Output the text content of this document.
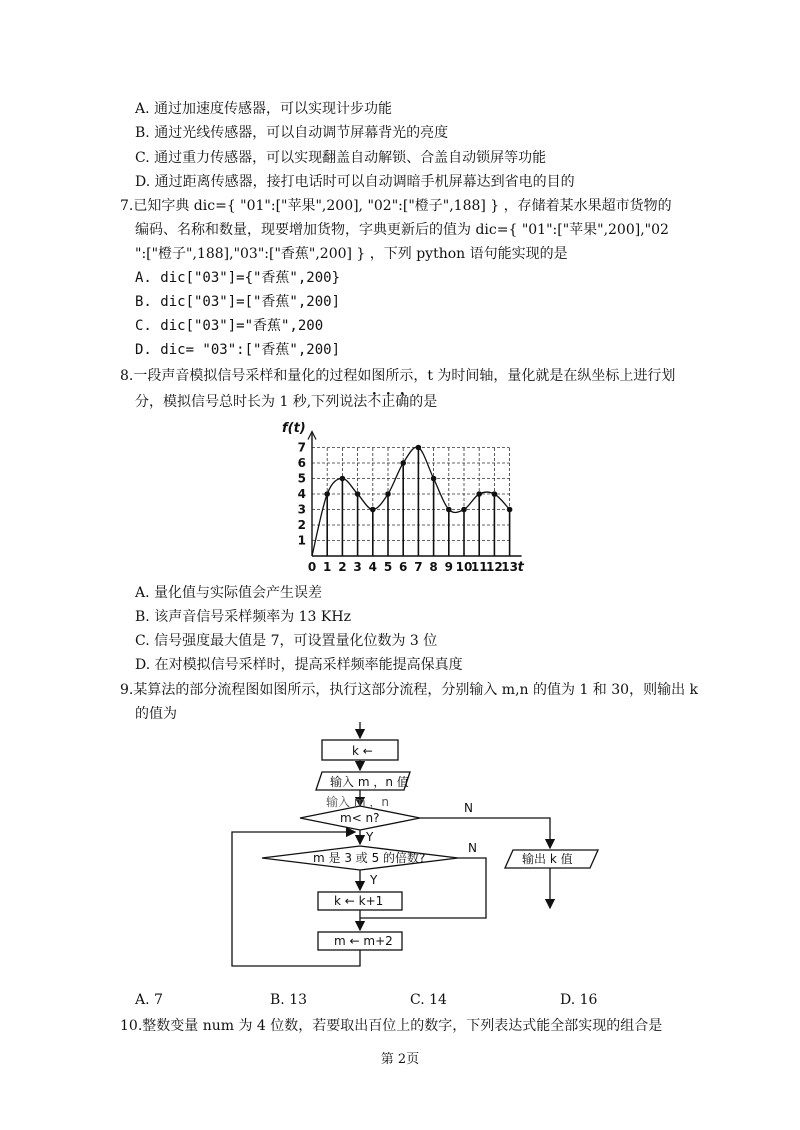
A. 通过加速度传感器，可以实现计步功能
B. 通过光线传感器，可以自动调节屏幕背光的亮度
C. 通过重力传感器，可以实现翻盖自动解锁、合盖自动锁屏等功能
D. 通过距离传感器，接打电话时可以自动调暗手机屏幕达到省电的目的
7.已知字典 dic={ "01":["苹果",200], "02":["橙子",188] } ，存储着某水果超市货物的
编码、名称和数量，现要增加货物，字典更新后的值为 dic={ "01":["苹果",200],"02
":["橙子",188],"03":["香蕉",200] } ，下列 python 语句能实现的是
A. dic["03"]={"香蕉",200}
B. dic["03"]=["香蕉",200]
C. dic["03"]="香蕉",200
D. dic= "03":["香蕉",200]
8.一段声音模拟信号采样和量化的过程如图所示，t 为时间轴，量化就是在纵坐标上进行划
分，模拟信号总时长为 1 秒,下列说法不正确的是
0 1 2 3 4 5 6 7 8 9 10
11
12
13
1
2
3
4
5
6
7
f(t)
t
A. 量化值与实际值会产生误差
B. 该声音信号采样频率为 13 KHz
C. 信号强度最大值是 7，可设置量化位数为 3 位
D. 在对模拟信号采样时，提高采样频率能提高保真度
9.某算法的部分流程图如图所示，执行这部分流程，分别输入 m,n 的值为 1 和 30，则输出 k
的值为
k ←
输入 m ，n 值
输入 m ，n
m< n?
N
Y
m 是 3 或 5 的倍数?
N
Y
k ← k+1
m ← m+2
输出 k 值
A. 7	B. 13	C. 14	D. 16
10.整数变量 num 为 4 位数，若要取出百位上的数字，下列表达式能全部实现的组合是
第 2页
